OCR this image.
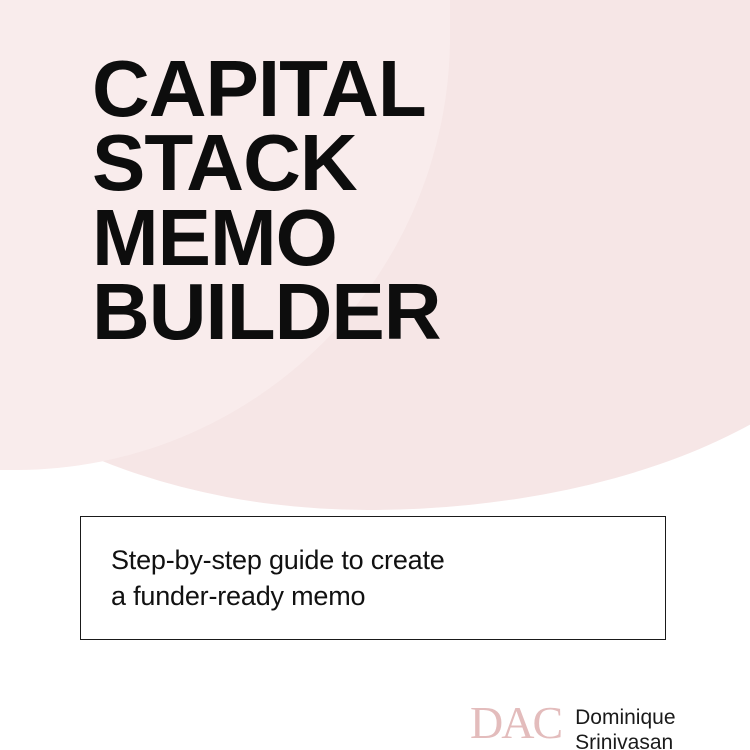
CAPITAL
STACK
MEMO
BUILDER
Step-by-step guide to create
a funder-ready memo
DAC Dominique
Srinivasan
